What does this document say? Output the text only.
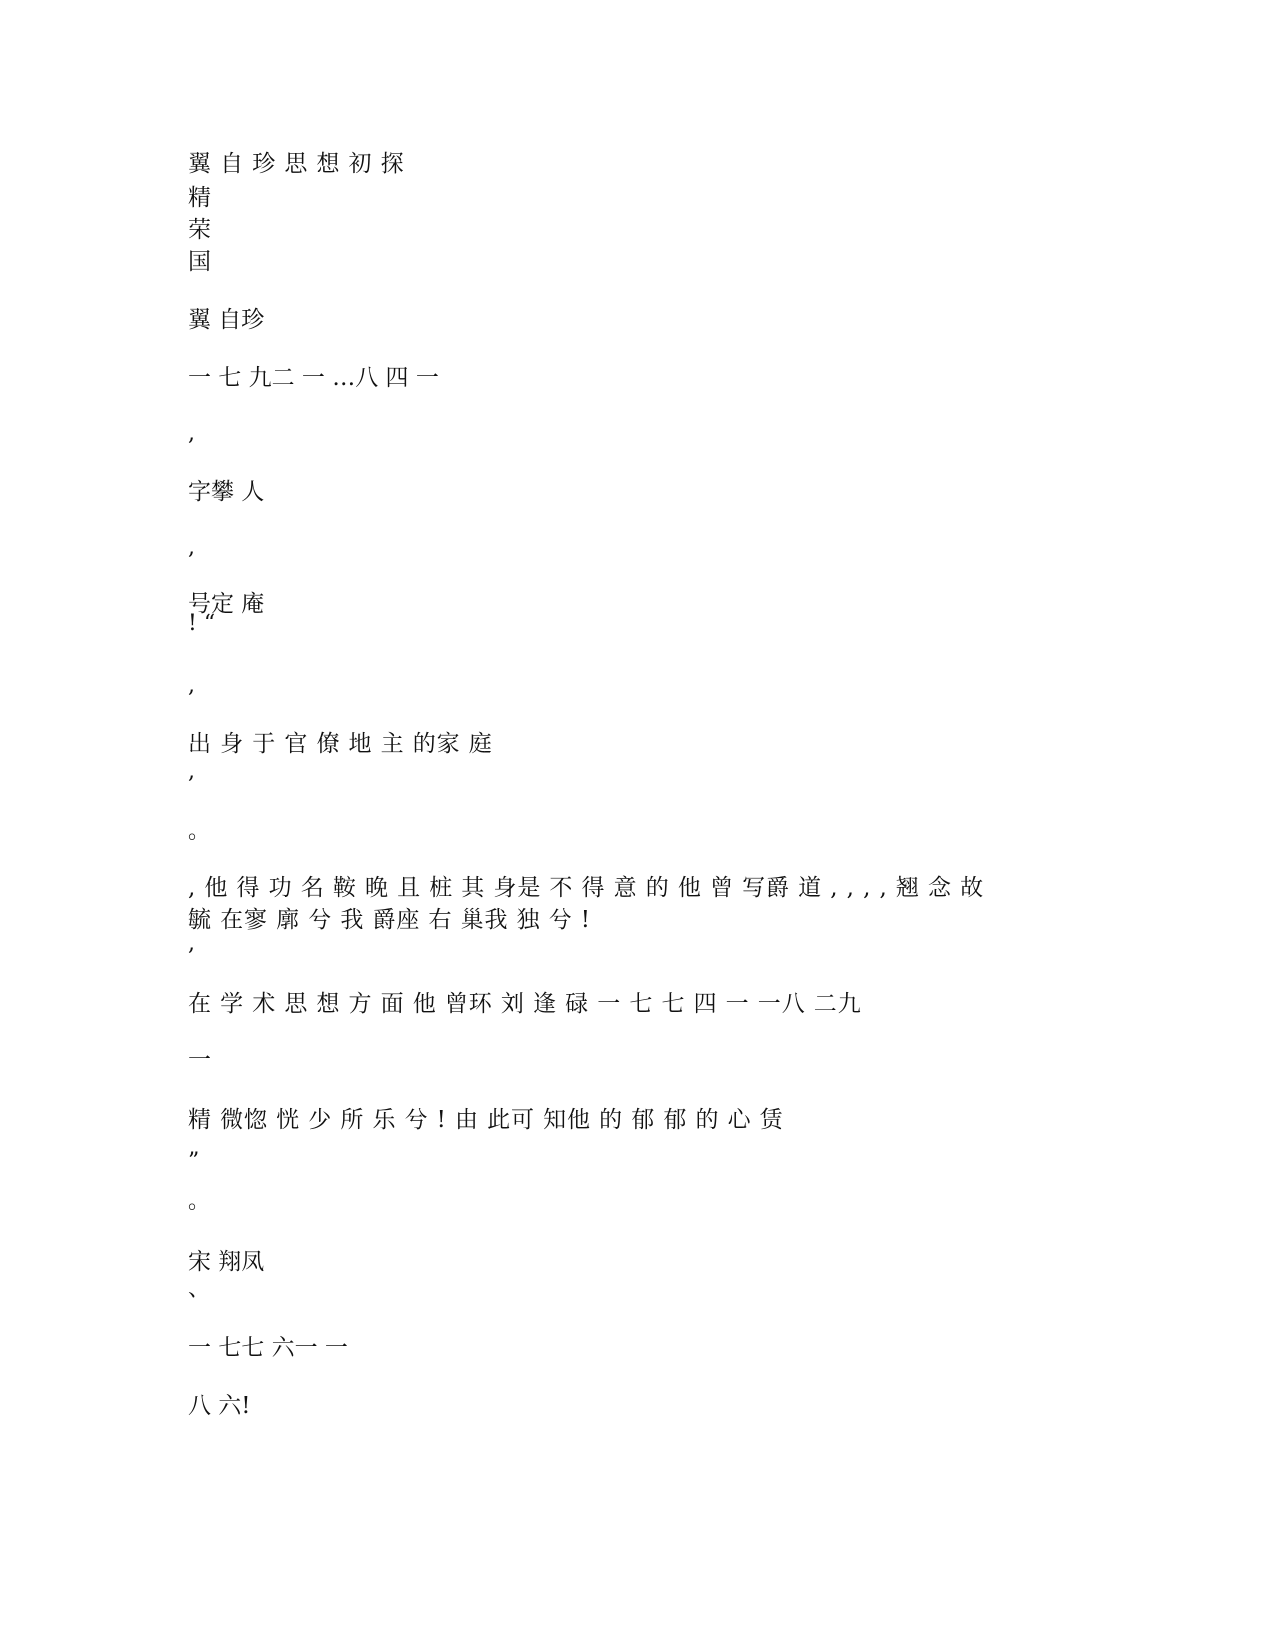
翼 自 珍 思 想 初 探
精
荣
国
翼 自珍
一 七 九二 一 …八 四 一
,
字攀 人
,
号定 庵
! “
,
出 身 于 官 僚 地 主 的家 庭
,
。
, 他 得 功 名 鞍 晚 且 桩 其 身是 不 得 意 的 他 曾 写爵 道 , , , , 翘 念 故
毓 在寥 廓 兮 我 爵座 右 巢我 独 兮 !
,
在 学 术 思 想 方 面 他 曾环 刘 逢 碌 一 七 七 四 一 一八 二九
一
精 微惚 恍 少 所 乐 兮 ! 由 此可 知他 的 郁 郁 的 心 赁
”
。
宋 翔凤
、
一 七七 六一 一
八 六!
